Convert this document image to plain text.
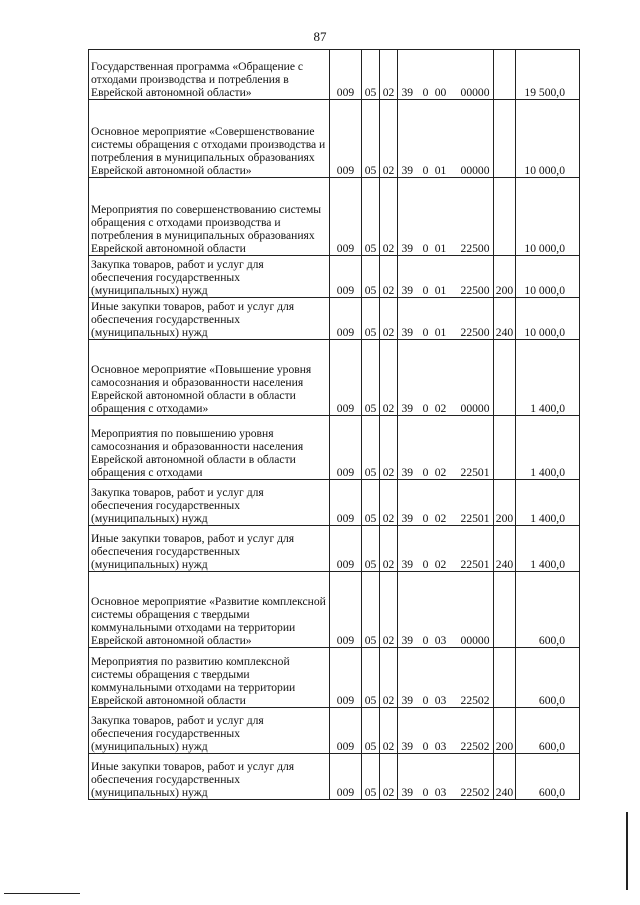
87
Государственная программа «Обращение с отходами производства и потребления в Еврейской автономной области»	009	05	02	39 0 00 00000		19 500,0
Основное мероприятие «Совершенствование системы обращения с отходами производства и потребления в муниципальных образованиях Еврейской автономной области»	009	05	02	39 0 01 00000		10 000,0
Мероприятия по совершенствованию системы обращения с отходами производства и потребления в муниципальных образованиях Еврейской автономной области	009	05	02	39 0 01 22500		10 000,0
Закупка товаров, работ и услуг для обеспечения государственных (муниципальных) нужд	009	05	02	39 0 01 22500	200	10 000,0
Иные закупки товаров, работ и услуг для обеспечения государственных (муниципальных) нужд	009	05	02	39 0 01 22500	240	10 000,0
Основное мероприятие «Повышение уровня самосознания и образованности населения Еврейской автономной области в области обращения с отходами»	009	05	02	39 0 02 00000		1 400,0
Мероприятия по повышению уровня самосознания и образованности населения Еврейской автономной области в области обращения с отходами	009	05	02	39 0 02 22501		1 400,0
Закупка товаров, работ и услуг для обеспечения государственных (муниципальных) нужд	009	05	02	39 0 02 22501	200	1 400,0
Иные закупки товаров, работ и услуг для обеспечения государственных (муниципальных) нужд	009	05	02	39 0 02 22501	240	1 400,0
Основное мероприятие «Развитие комплексной системы обращения с твердыми коммунальными отходами на территории Еврейской автономной области»	009	05	02	39 0 03 00000		600,0
Мероприятия по развитию комплексной системы обращения с твердыми коммунальными отходами на территории Еврейской автономной области	009	05	02	39 0 03 22502		600,0
Закупка товаров, работ и услуг для обеспечения государственных (муниципальных) нужд	009	05	02	39 0 03 22502	200	600,0
Иные закупки товаров, работ и услуг для обеспечения государственных (муниципальных) нужд	009	05	02	39 0 03 22502	240	600,0
